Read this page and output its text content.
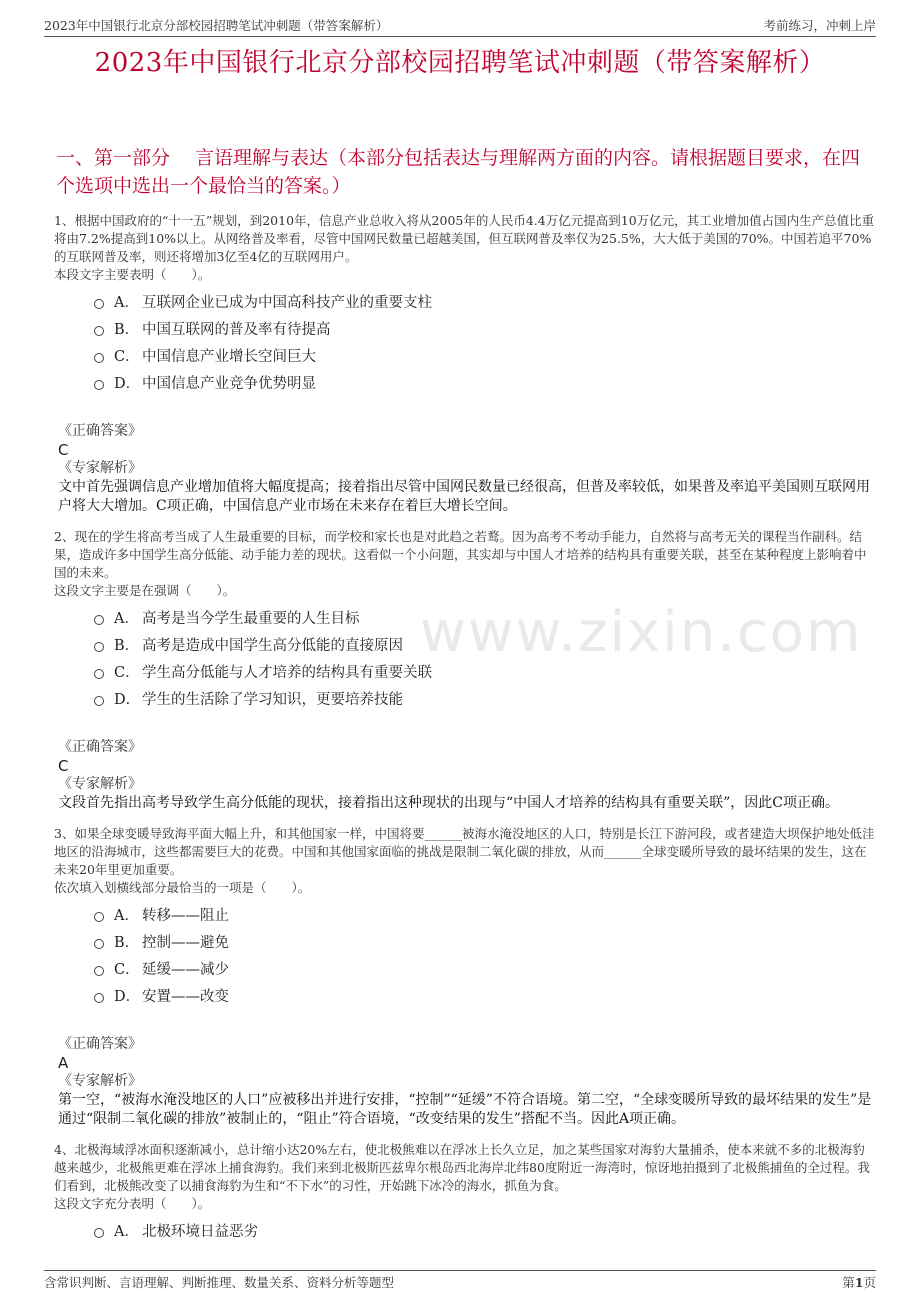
2023年中国银行北京分部校园招聘笔试冲刺题（带答案解析）	考前练习，冲刺上岸
2023年中国银行北京分部校园招聘笔试冲刺题（带答案解析）
一、第一部分　 言语理解与表达（本部分包括表达与理解两方面的内容。请根据题目要求，在四个选项中选出一个最恰当的答案。）
www.zixin.com

1、根据中国政府的“十一五”规划，到2010年，信息产业总收入将从2005年的人民币4.4万亿元提高到10万亿元，其工业增加值占国内生产总值比重将由7.2%提高到10%以上。从网络普及率看，尽管中国网民数量已超越美国，但互联网普及率仅为25.5%，大大低于美国的70%。中国若追平70%的互联网普及率，则还将增加3亿至4亿的互联网用户。

本段文字主要表明（　　）。

A． 互联网企业已成为中国高科技产业的重要支柱
B． 中国互联网的普及率有待提高
C． 中国信息产业增长空间巨大
D． 中国信息产业竞争优势明显
《正确答案》
C
《专家解析》
文中首先强调信息产业增加值将大幅度提高；接着指出尽管中国网民数量已经很高，但普及率较低，如果普及率追平美国则互联网用户将大大增加。C项正确，中国信息产业市场在未来存在着巨大增长空间。

2、现在的学生将高考当成了人生最重要的目标，而学校和家长也是对此趋之若鹜。因为高考不考动手能力，自然将与高考无关的课程当作副科。结果，造成许多中国学生高分低能、动手能力差的现状。这看似一个小问题，其实却与中国人才培养的结构具有重要关联，甚至在某种程度上影响着中国的未来。

这段文字主要是在强调（　　）。

A． 高考是当今学生最重要的人生目标
B． 高考是造成中国学生高分低能的直接原因
C． 学生高分低能与人才培养的结构具有重要关联
D． 学生的生活除了学习知识，更要培养技能
《正确答案》
C
《专家解析》
文段首先指出高考导致学生高分低能的现状，接着指出这种现状的出现与“中国人才培养的结构具有重要关联”，因此C项正确。

3、如果全球变暖导致海平面大幅上升，和其他国家一样，中国将要______被海水淹没地区的人口，特别是长江下游河段，或者建造大坝保护地处低洼地区的沿海城市，这些都需要巨大的花费。中国和其他国家面临的挑战是限制二氧化碳的排放，从而______全球变暖所导致的最坏结果的发生，这在未来20年里更加重要。

依次填入划横线部分最恰当的一项是（　　）。

A． 转移——阻止
B． 控制——避免
C． 延缓——减少
D． 安置——改变
《正确答案》
A
《专家解析》
第一空，“被海水淹没地区的人口”应被移出并进行安排，“控制”“延缓”不符合语境。第二空，“全球变暖所导致的最坏结果的发生”是通过“限制二氧化碳的排放”被制止的，“阻止”符合语境，“改变结果的发生”搭配不当。因此A项正确。

4、北极海域浮冰面积逐渐减小，总计缩小达20%左右，使北极熊难以在浮冰上长久立足，加之某些国家对海豹大量捕杀，使本来就不多的北极海豹越来越少，北极熊更难在浮冰上捕食海豹。我们来到北极斯匹兹卑尔根岛西北海岸北纬80度附近一海湾时，惊讶地拍摄到了北极熊捕鱼的全过程。我们看到，北极熊改变了以捕食海豹为生和“不下水”的习性，开始跳下冰冷的海水，抓鱼为食。

这段文字充分表明（　　）。

A． 北极环境日益恶劣
含常识判断、言语理解、判断推理、数量关系、资料分析等题型	第1页
